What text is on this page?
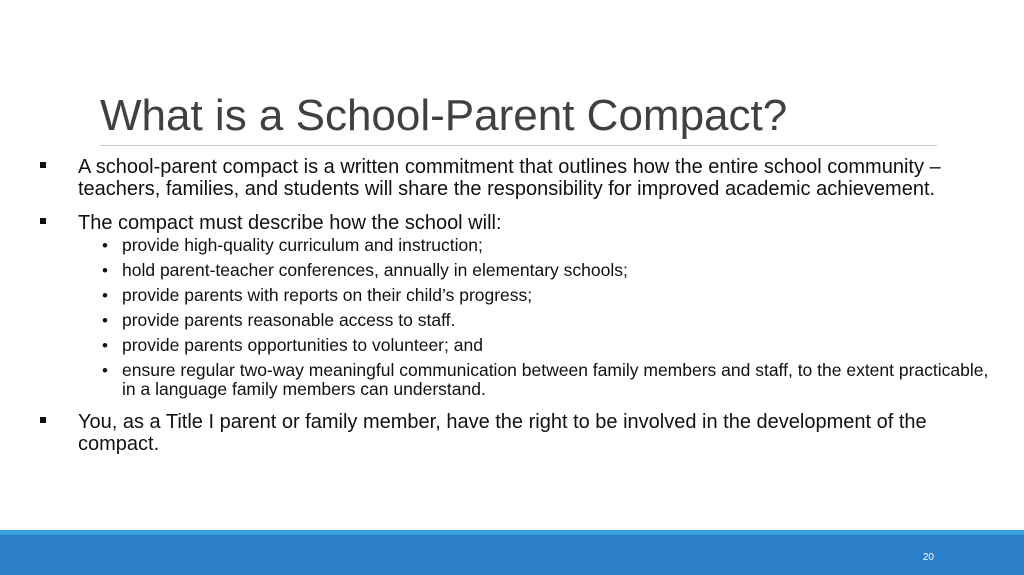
What is a School-Parent Compact?
A school-parent compact is a written commitment that outlines how the entire school community – teachers, families, and students will share the responsibility for improved academic achievement.
The compact must describe how the school will:
• provide high-quality curriculum and instruction;
• hold parent-teacher conferences, annually in elementary schools;
• provide parents with reports on their child’s progress;
• provide parents reasonable access to staff.
• provide parents opportunities to volunteer; and
• ensure regular two-way meaningful communication between family members and staff, to the extent practicable, in a language family members can understand.
You, as a Title I parent or family member, have the right to be involved in the development of the compact.
20
